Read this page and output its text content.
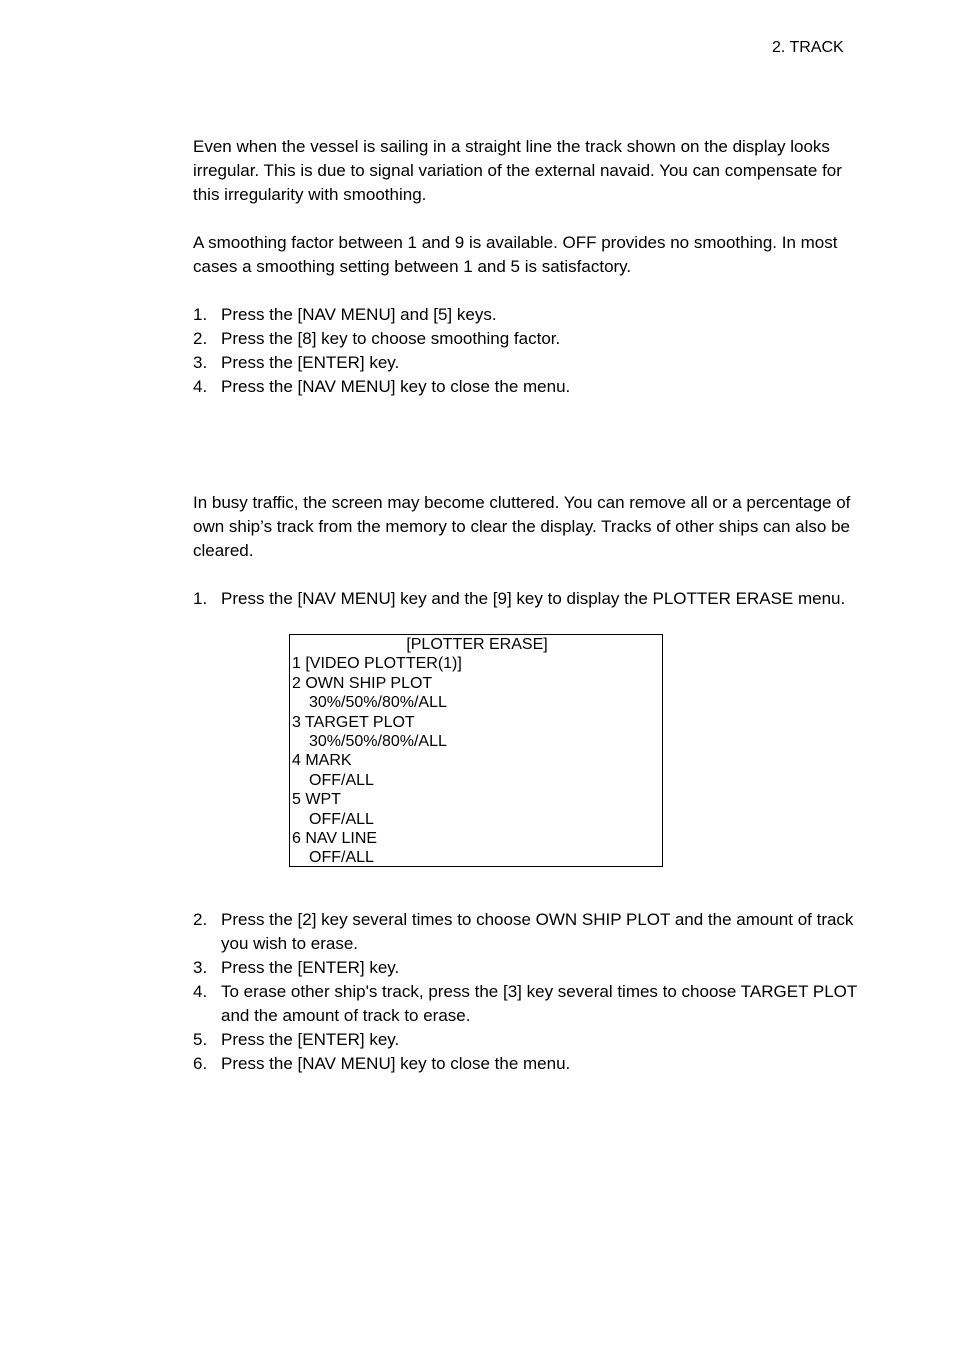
2. TRACK

Even when the vessel is sailing in a straight line the track shown on the display looks irregular. This is due to signal variation of the external navaid. You can compensate for this irregularity with smoothing.

A smoothing factor between 1 and 9 is available. OFF provides no smoothing. In most cases a smoothing setting between 1 and 5 is satisfactory.

1. Press the [NAV MENU] and [5] keys.
2. Press the [8] key to choose smoothing factor.
3. Press the [ENTER] key.
4. Press the [NAV MENU] key to close the menu.

In busy traffic, the screen may become cluttered. You can remove all or a percentage of own ship’s track from the memory to clear the display. Tracks of other ships can also be cleared.

1. Press the [NAV MENU] key and the [9] key to display the PLOTTER ERASE menu.
[PLOTTER ERASE]
1 [VIDEO PLOTTER(1)]
2 OWN SHIP PLOT
30%/50%/80%/ALL
3 TARGET PLOT
30%/50%/80%/ALL
4 MARK
OFF/ALL
5 WPT
OFF/ALL
6 NAV LINE
OFF/ALL
2. Press the [2] key several times to choose OWN SHIP PLOT and the amount of track you wish to erase.
3. Press the [ENTER] key.
4. To erase other ship's track, press the [3] key several times to choose TARGET PLOT and the amount of track to erase.
5. Press the [ENTER] key.
6. Press the [NAV MENU] key to close the menu.
